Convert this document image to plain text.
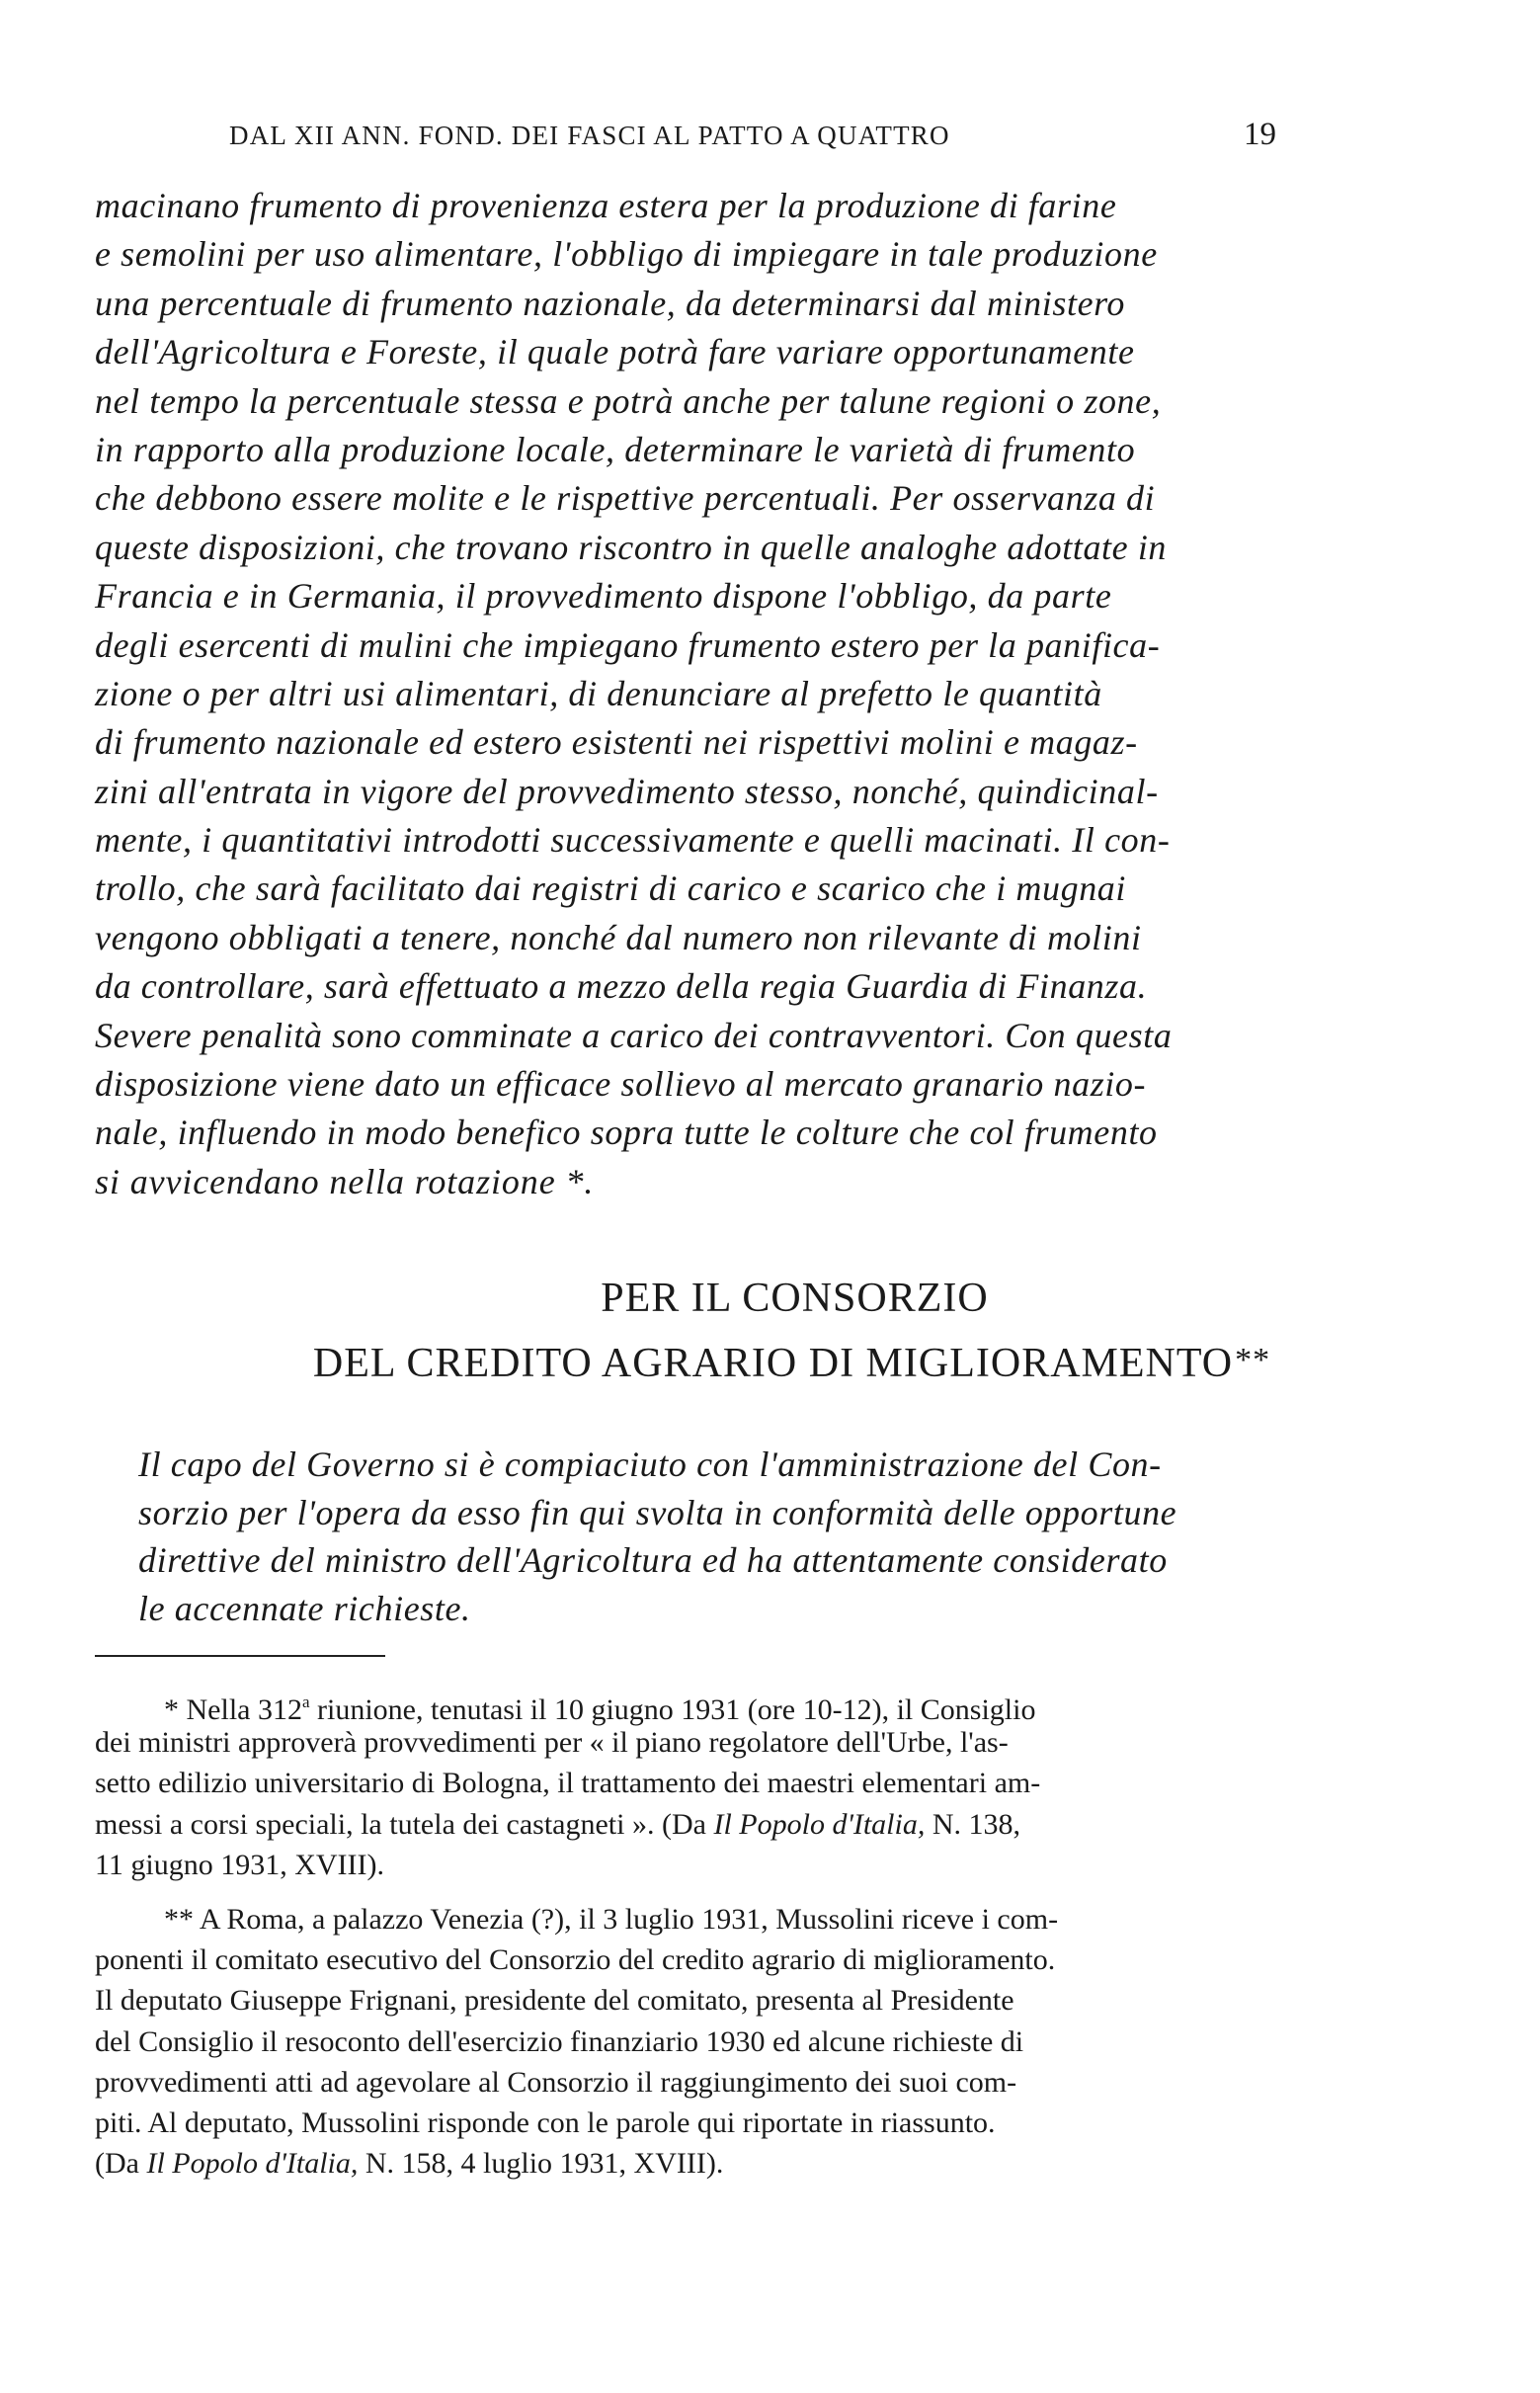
DAL XII ANN. FOND. DEI FASCI AL PATTO A QUATTRO	19
macinano frumento di provenienza estera per la produzione di farine
e semolini per uso alimentare, l'obbligo di impiegare in tale produzione
una percentuale di frumento nazionale, da determinarsi dal ministero
dell'Agricoltura e Foreste, il quale potrà fare variare opportunamente
nel tempo la percentuale stessa e potrà anche per talune regioni o zone,
in rapporto alla produzione locale, determinare le varietà di frumento
che debbono essere molite e le rispettive percentuali. Per osservanza di
queste disposizioni, che trovano riscontro in quelle analoghe adottate in
Francia e in Germania, il provvedimento dispone l'obbligo, da parte
degli esercenti di mulini che impiegano frumento estero per la panifica-
zione o per altri usi alimentari, di denunciare al prefetto le quantità
di frumento nazionale ed estero esistenti nei rispettivi molini e magaz-
zini all'entrata in vigore del provvedimento stesso, nonché, quindicinal-
mente, i quantitativi introdotti successivamente e quelli macinati. Il con-
trollo, che sarà facilitato dai registri di carico e scarico che i mugnai
vengono obbligati a tenere, nonché dal numero non rilevante di molini
da controllare, sarà effettuato a mezzo della regia Guardia di Finanza.
Severe penalità sono comminate a carico dei contravventori. Con questa
disposizione viene dato un efficace sollievo al mercato granario nazio-
nale, influendo in modo benefico sopra tutte le colture che col frumento
si avvicendano nella rotazione *.
PER IL CONSORZIO
DEL CREDITO AGRARIO DI MIGLIORAMENTO**
Il capo del Governo si è compiaciuto con l'amministrazione del Con-
sorzio per l'opera da esso fin qui svolta in conformità delle opportune
direttive del ministro dell'Agricoltura ed ha attentamente considerato
le accennate richieste.
* Nella 312$^a$ riunione, tenutasi il 10 giugno 1931 (ore 10-12), il Consiglio
dei ministri approverà provvedimenti per « il piano regolatore dell'Urbe, l'as-
setto edilizio universitario di Bologna, il trattamento dei maestri elementari am-
messi a corsi speciali, la tutela dei castagneti ». (Da Il Popolo d'Italia, N. 138,
11 giugno 1931, XVIII).
** A Roma, a palazzo Venezia (?), il 3 luglio 1931, Mussolini riceve i com-
ponenti il comitato esecutivo del Consorzio del credito agrario di miglioramento.
Il deputato Giuseppe Frignani, presidente del comitato, presenta al Presidente
del Consiglio il resoconto dell'esercizio finanziario 1930 ed alcune richieste di
provvedimenti atti ad agevolare al Consorzio il raggiungimento dei suoi com-
piti. Al deputato, Mussolini risponde con le parole qui riportate in riassunto.
(Da Il Popolo d'Italia, N. 158, 4 luglio 1931, XVIII).
